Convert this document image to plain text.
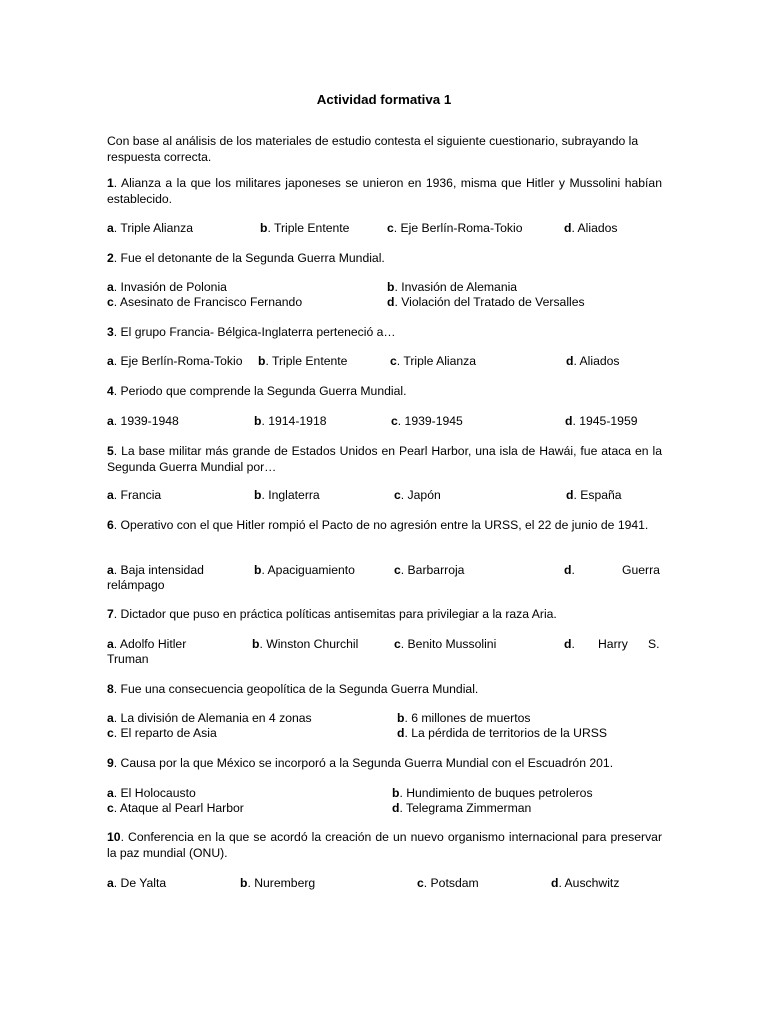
Actividad formativa 1
Con base al análisis de los materiales de estudio contesta el siguiente cuestionario, subrayando la respuesta correcta.
1. Alianza a la que los militares japoneses se unieron en 1936, misma que Hitler y Mussolini habían establecido.
a. Triple Alianza	b. Triple Entente	c. Eje Berlín-Roma-Tokio	d. Aliados
2. Fue el detonante de la Segunda Guerra Mundial.
a. Invasión de Polonia	b. Invasión de Alemania
c. Asesinato de Francisco Fernando	d. Violación del Tratado de Versalles
3. El grupo Francia- Bélgica-Inglaterra perteneció a…
a. Eje Berlín-Roma-Tokio b. Triple Entente	c. Triple Alianza	d. Aliados
4. Periodo que comprende la Segunda Guerra Mundial.
a. 1939-1948	b. 1914-1918	c. 1939-1945	d. 1945-1959
5. La base militar más grande de Estados Unidos en Pearl Harbor, una isla de Hawái, fue ataca en la Segunda Guerra Mundial por…
a. Francia	b. Inglaterra	c. Japón	d. España
6. Operativo con el que Hitler rompió el Pacto de no agresión entre la URSS, el 22 de junio de 1941.
a. Baja intensidad	b. Apaciguamiento	c. Barbarroja	d.	Guerra
relámpago
7. Dictador que puso en práctica políticas antisemitas para privilegiar a la raza Aria.
a. Adolfo Hitler	b. Winston Churchil	c. Benito Mussolini	d. Harry S.
Truman
8. Fue una consecuencia geopolítica de la Segunda Guerra Mundial.
a. La división de Alemania en 4 zonas	b. 6 millones de muertos
c. El reparto de Asia	d. La pérdida de territorios de la URSS
9. Causa por la que México se incorporó a la Segunda Guerra Mundial con el Escuadrón 201.
a. El Holocausto	b. Hundimiento de buques petroleros
c. Ataque al Pearl Harbor	d. Telegrama Zimmerman
10. Conferencia en la que se acordó la creación de un nuevo organismo internacional para preservar la paz mundial (ONU).
a. De Yalta	b. Nuremberg	c. Potsdam	d. Auschwitz
